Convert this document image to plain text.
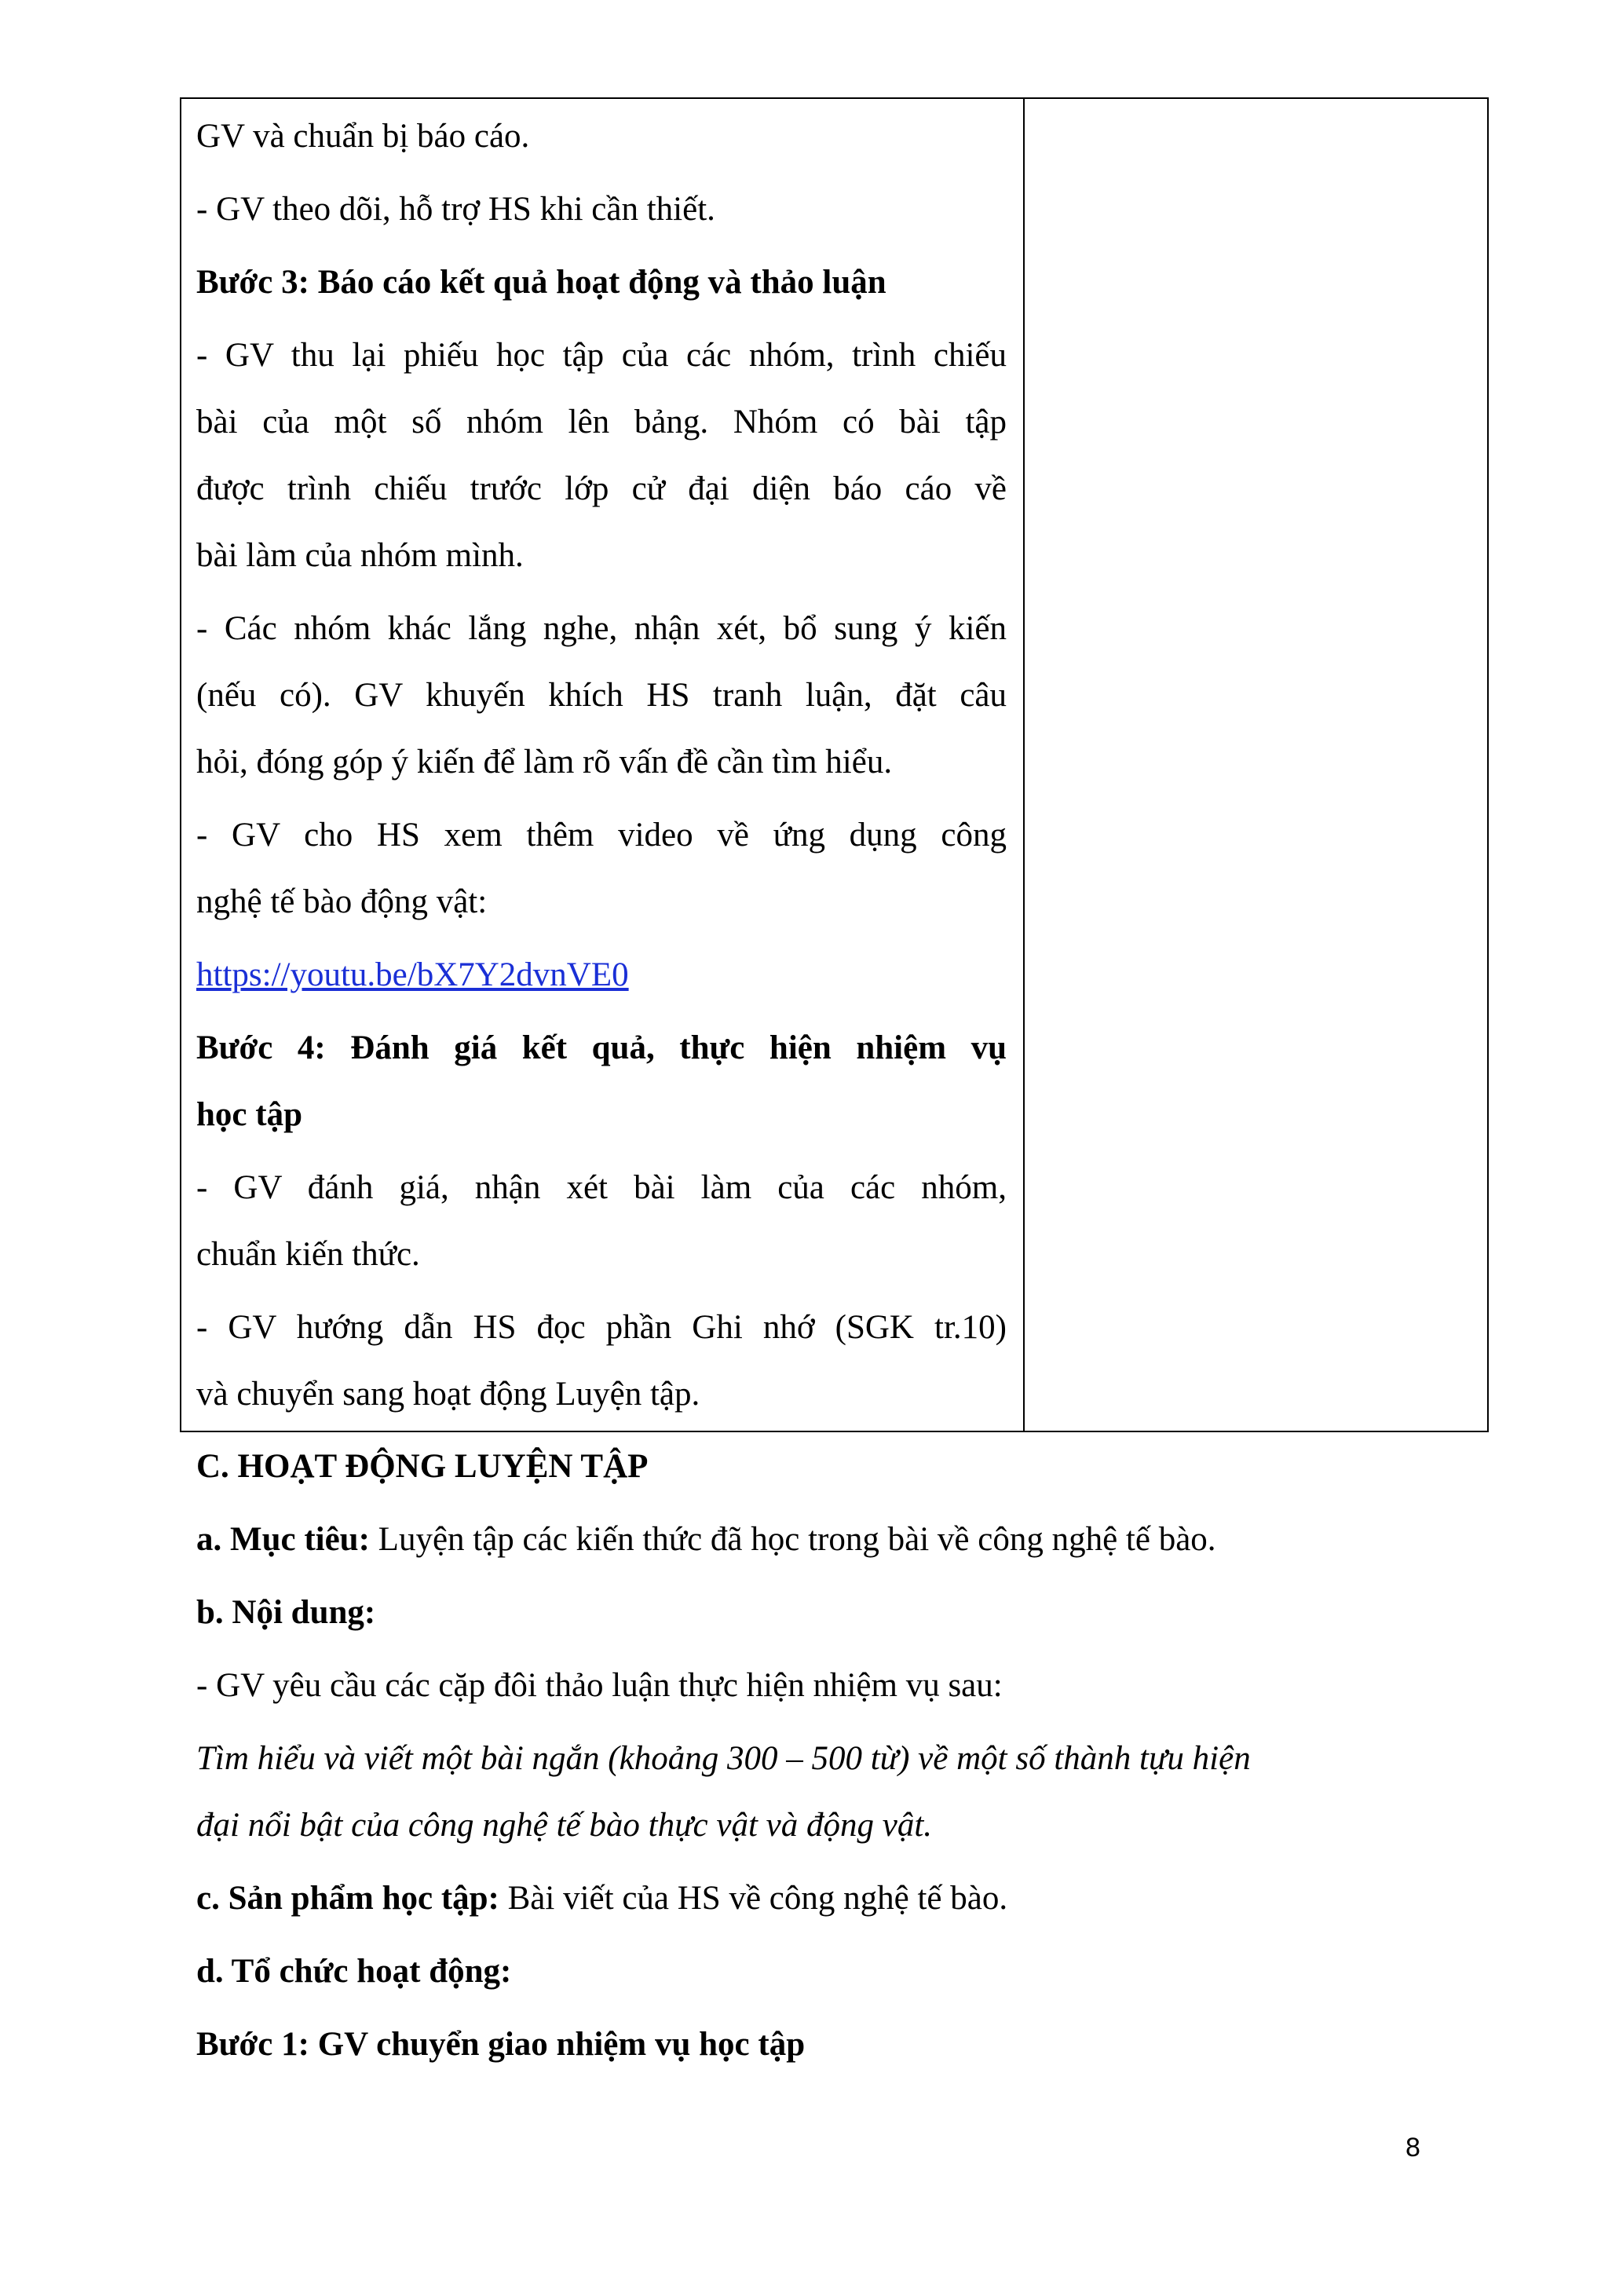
GV và chuẩn bị báo cáo.
- GV theo dõi, hỗ trợ HS khi cần thiết.
Bước 3: Báo cáo kết quả hoạt động và thảo luận
- GV thu lại phiếu học tập của các nhóm, trình chiếu
bài của một số nhóm lên bảng. Nhóm có bài tập
được trình chiếu trước lớp cử đại diện báo cáo về
bài làm của nhóm mình.
- Các nhóm khác lắng nghe, nhận xét, bổ sung ý kiến
(nếu có). GV khuyến khích HS tranh luận, đặt câu
hỏi, đóng góp ý kiến để làm rõ vấn đề cần tìm hiểu.
- GV cho HS xem thêm video về ứng dụng công
nghệ tế bào động vật:
https://youtu.be/bX7Y2dvnVE0
Bước 4: Đánh giá kết quả, thực hiện nhiệm vụ
học tập
- GV đánh giá, nhận xét bài làm của các nhóm,
chuẩn kiến thức.
- GV hướng dẫn HS đọc phần Ghi nhớ (SGK tr.10)
và chuyển sang hoạt động Luyện tập.
C. HOẠT ĐỘNG LUYỆN TẬP
a. Mục tiêu: Luyện tập các kiến thức đã học trong bài về công nghệ tế bào.
b. Nội dung:
- GV yêu cầu các cặp đôi thảo luận thực hiện nhiệm vụ sau:
Tìm hiểu và viết một bài ngắn (khoảng 300 – 500 từ) về một số thành tựu hiện
đại nổi bật của công nghệ tế bào thực vật và động vật.
c. Sản phẩm học tập: Bài viết của HS về công nghệ tế bào.
d. Tổ chức hoạt động:
Bước 1: GV chuyển giao nhiệm vụ học tập
8
